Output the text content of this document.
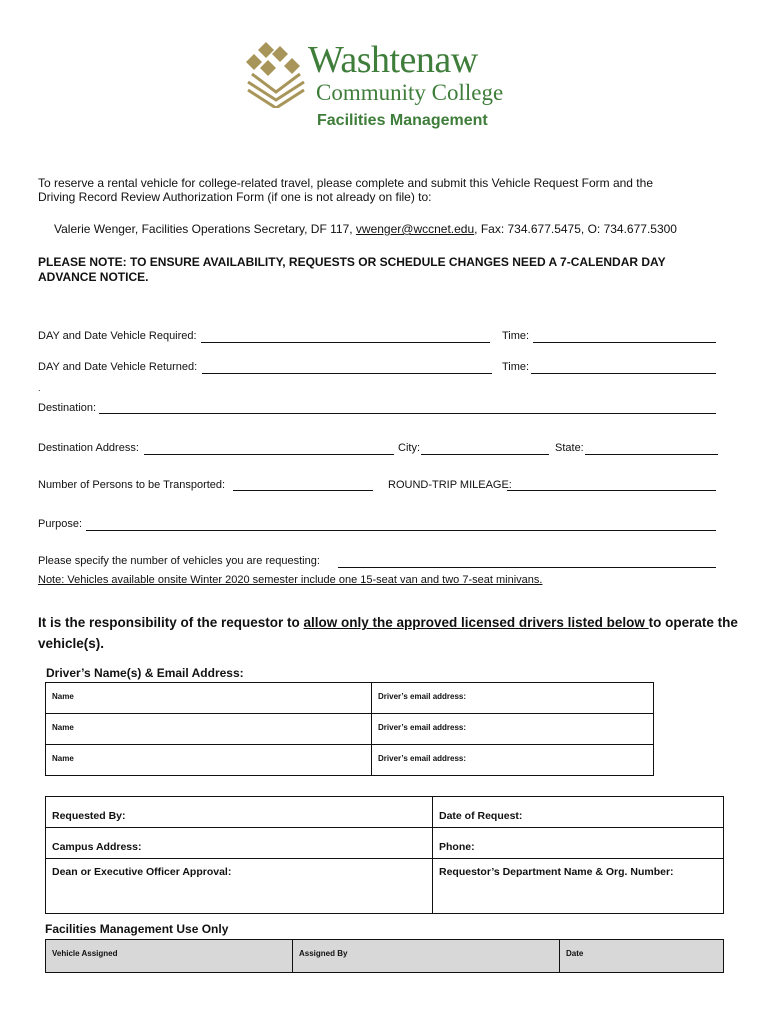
Washtenaw
Community College
Facilities Management
To reserve a rental vehicle for college-related travel, please complete and submit this Vehicle Request Form and the
Driving Record Review Authorization Form (if one is not already on file) to:
Valerie Wenger, Facilities Operations Secretary, DF 117, vwenger@wccnet.edu, Fax: 734.677.5475, O: 734.677.5300
PLEASE NOTE: TO ENSURE AVAILABILITY, REQUESTS OR SCHEDULE CHANGES NEED A 7-CALENDAR DAY
ADVANCE NOTICE.
DAY and Date Vehicle Required:	Time:
DAY and Date Vehicle Returned:	Time:
.
Destination:
Destination Address:	City:	State:
Number of Persons to be Transported:	ROUND-TRIP MILEAGE:
Purpose:
Please specify the number of vehicles you are requesting:
Note: Vehicles available onsite Winter 2020 semester include one 15-seat van and two 7-seat minivans.
It is the responsibility of the requestor to allow only the approved licensed drivers listed below to operate the
vehicle(s).
Driver’s Name(s) & Email Address:
Name	Driver’s email address:
Name	Driver’s email address:
Name	Driver’s email address:
Requested By:	Date of Request:
Campus Address:	Phone:
Dean or Executive Officer Approval:	Requestor’s Department Name & Org. Number:
Facilities Management Use Only
Vehicle Assigned	Assigned By	Date
